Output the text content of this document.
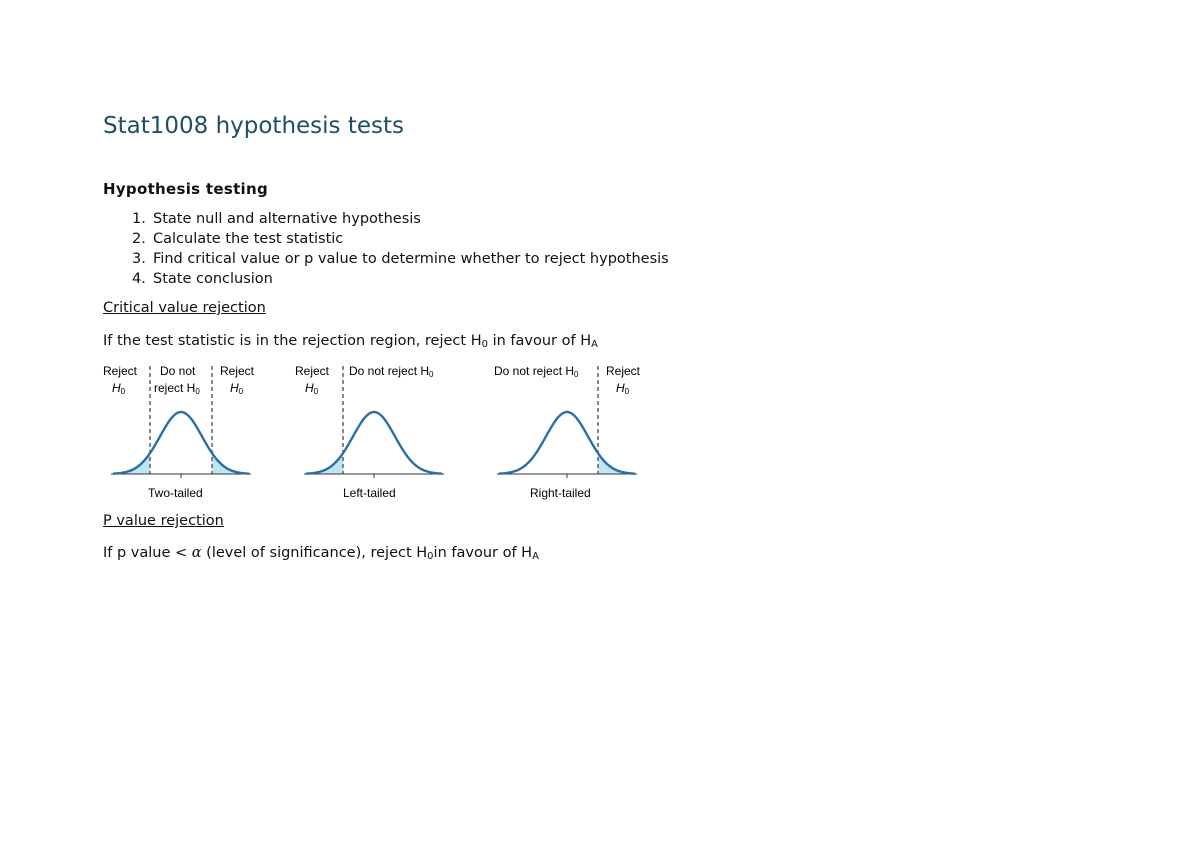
Stat1008 hypothesis tests
Hypothesis testing
1. State null and alternative hypothesis
2. Calculate the test statistic
3. Find critical value or p value to determine whether to reject hypothesis
4. State conclusion

Critical value rejection

If the test statistic is in the rejection region, reject $H_0$ in favour of $H_A$

Reject
H0
Do not
reject H0
Reject
H0
Two-tailed
Reject
H0
Do not reject H0
Left-tailed
Do not reject H0 Reject
H0
Right-tailed

P value rejection

If p value < α (level of significance), reject $H_0in$ favour of $H_A$
